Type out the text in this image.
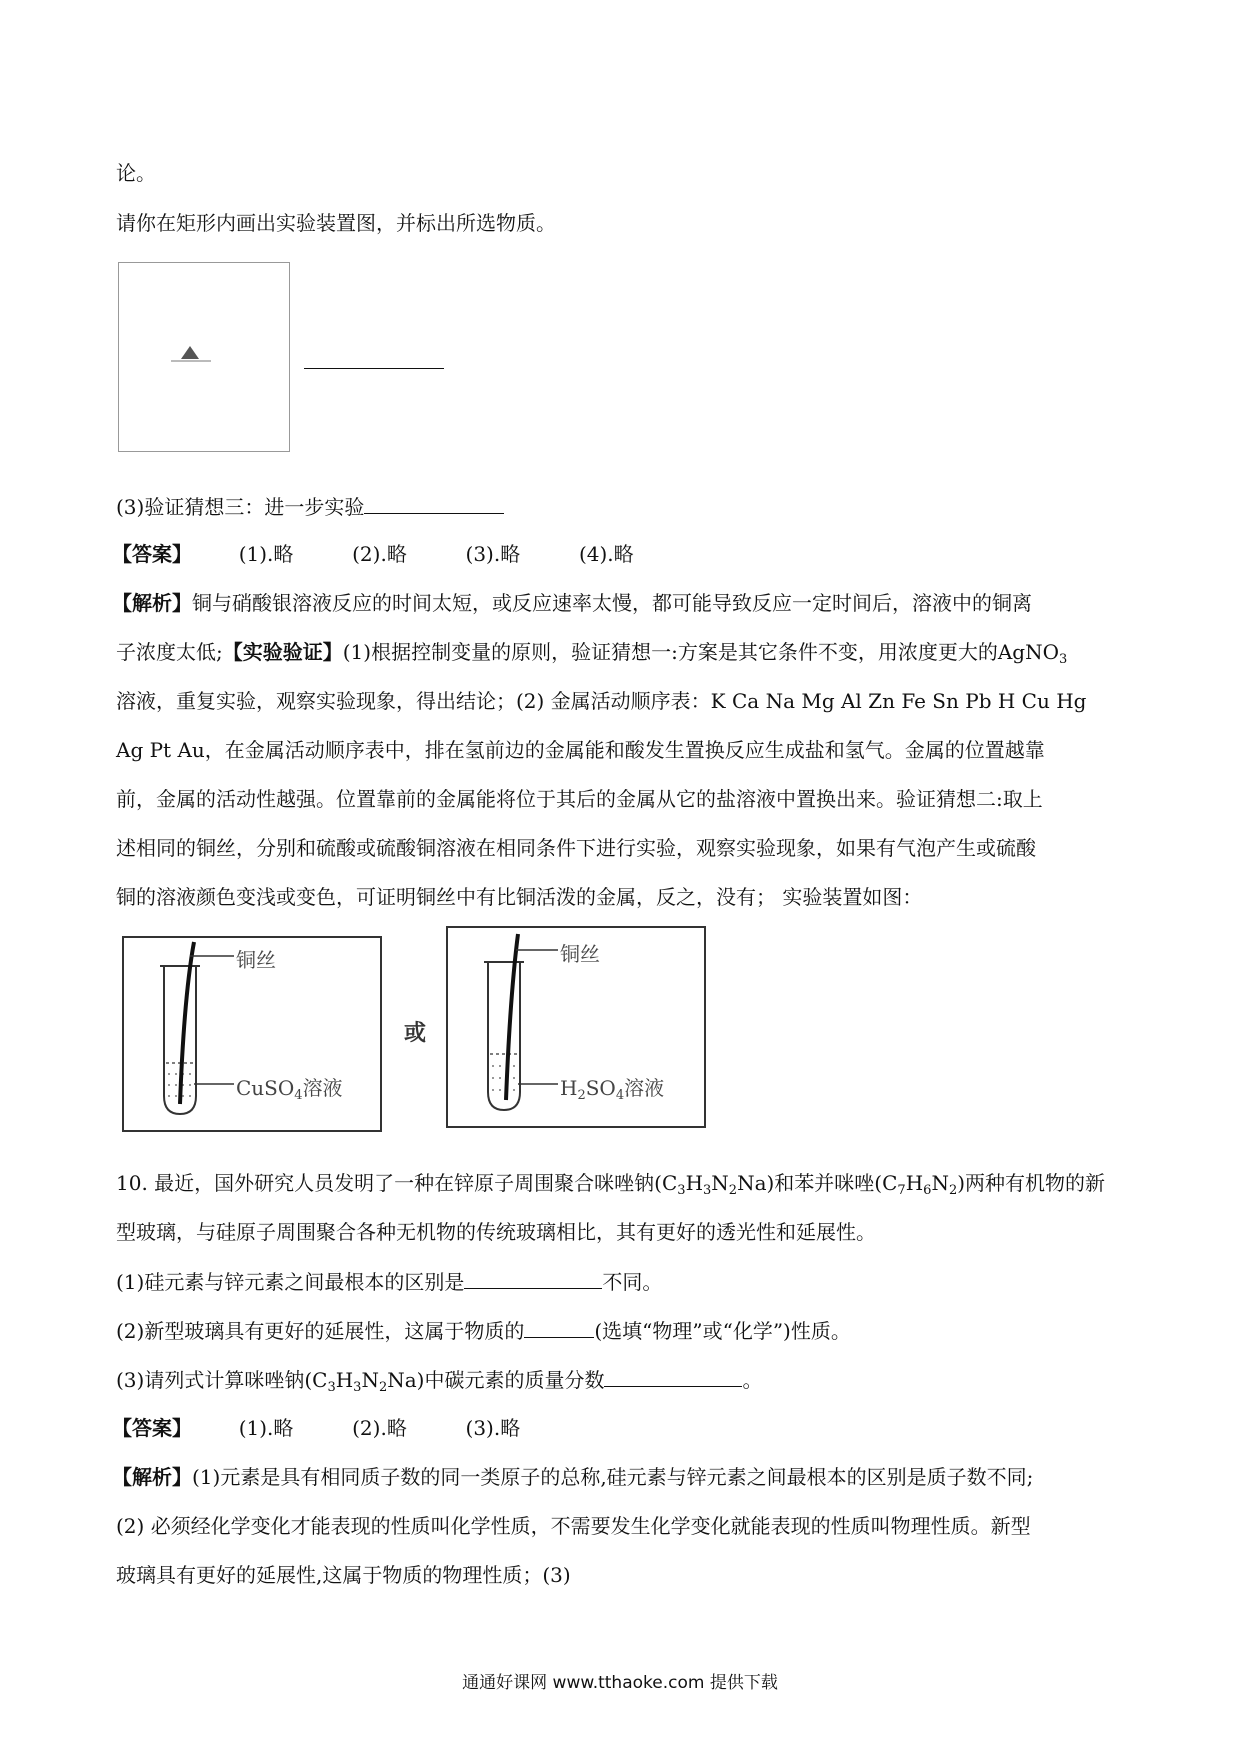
论。
请你在矩形内画出实验装置图，并标出所选物质。
(3)验证猜想三：进一步实验
【答案】 (1).略	(2).略	(3).略	(4).略
【解析】铜与硝酸银溶液反应的时间太短，或反应速率太慢，都可能导致反应一定时间后，溶液中的铜离
子浓度太低;【实验验证】(1)根据控制变量的原则，验证猜想一:方案是其它条件不变，用浓度更大的AgNO$_3$
溶液，重复实验，观察实验现象，得出结论；(2) 金属活动顺序表：K Ca Na Mg Al Zn Fe Sn Pb H Cu Hg
Ag Pt Au，在金属活动顺序表中，排在氢前边的金属能和酸发生置换反应生成盐和氢气。金属的位置越靠
前，金属的活动性越强。位置靠前的金属能将位于其后的金属从它的盐溶液中置换出来。验证猜想二:取上
述相同的铜丝，分别和硫酸或硫酸铜溶液在相同条件下进行实验，观察实验现象，如果有气泡产生或硫酸
铜的溶液颜色变浅或变色，可证明铜丝中有比铜活泼的金属，反之，没有； 实验装置如图：
铜丝
CuSO$_4$溶液
或
铜丝
$H_2SO_4$溶液
10. 最近，国外研究人员发明了一种在锌原子周围聚合咪唑钠$(C_3H_3N_2Na)$和苯并咪唑$(C_7H_6N_2)$两种有机物的新
型玻璃，与硅原子周围聚合各种无机物的传统玻璃相比，其有更好的透光性和延展性。
(1)硅元素与锌元素之间最根本的区别是	不同。
(2)新型玻璃具有更好的延展性，这属于物质的	(选填“物理”或“化学”)性质。
(3)请列式计算咪唑钠$(C_3H_3N_2Na)$中碳元素的质量分数	。
【答案】 (1).略	(2).略	(3).略
【解析】(1)元素是具有相同质子数的同一类原子的总称,硅元素与锌元素之间最根本的区别是质子数不同;
(2) 必须经化学变化才能表现的性质叫化学性质，不需要发生化学变化就能表现的性质叫物理性质。新型
玻璃具有更好的延展性,这属于物质的物理性质；(3)
通通好课网 www.tthaoke.com 提供下载
